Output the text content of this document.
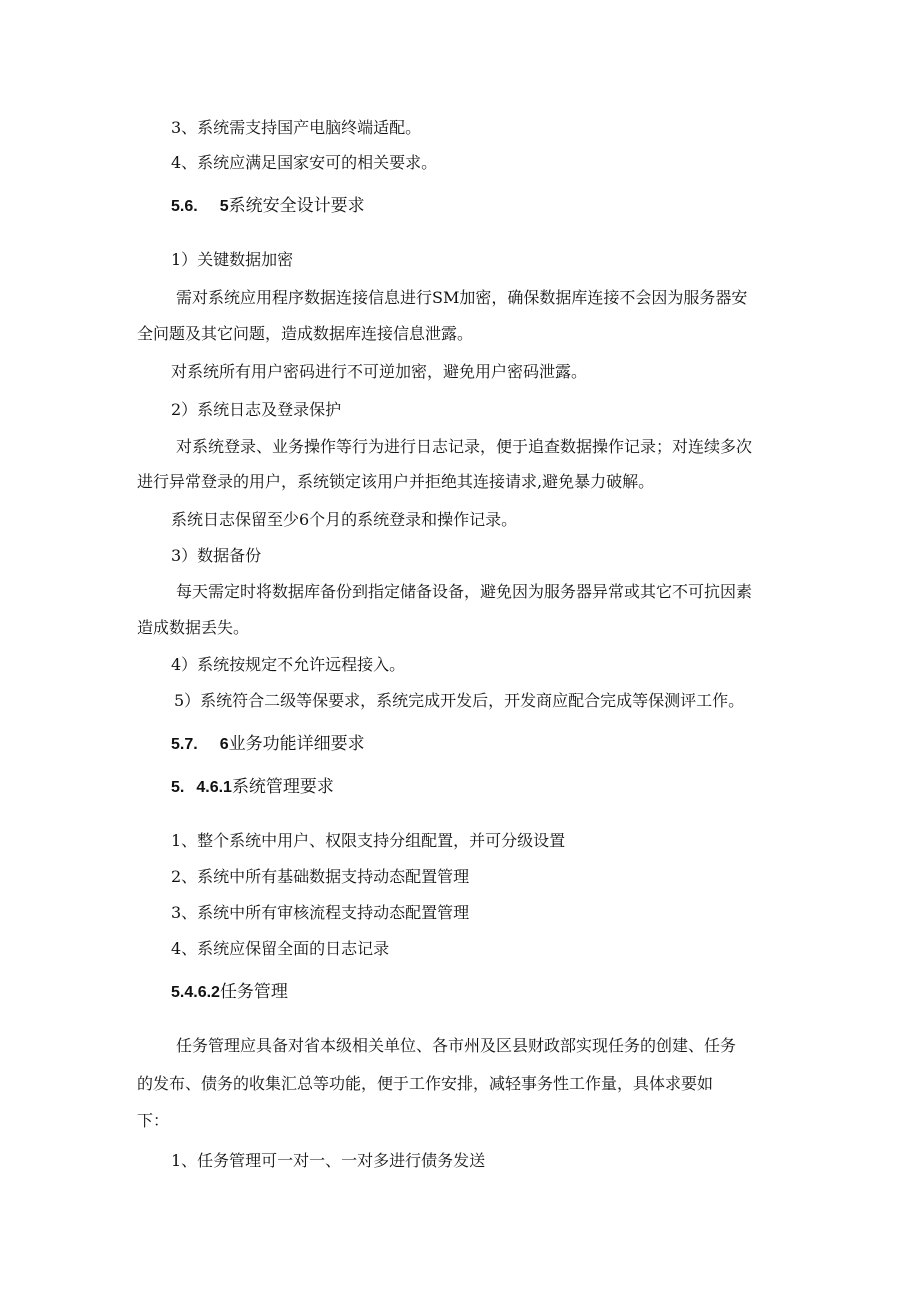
3、系统需支持国产电脑终端适配。
4、系统应满足国家安可的相关要求。
5.6. 5系统安全设计要求
1）关键数据加密
需对系统应用程序数据连接信息进行SM加密，确保数据库连接不会因为服务器安
全问题及其它问题，造成数据库连接信息泄露。
对系统所有用户密码进行不可逆加密，避免用户密码泄露。
2）系统日志及登录保护
对系统登录、业务操作等行为进行日志记录，便于追查数据操作记录；对连续多次
进行异常登录的用户，系统锁定该用户并拒绝其连接请求,避免暴力破解。
系统日志保留至少6个月的系统登录和操作记录。
3）数据备份
每天需定时将数据库备份到指定储备设备，避免因为服务器异常或其它不可抗因素
造成数据丢失。
4）系统按规定不允许远程接入。
5）系统符合二级等保要求，系统完成开发后，开发商应配合完成等保测评工作。
5.7. 6业务功能详细要求
5. 4.6.1系统管理要求
1、整个系统中用户、权限支持分组配置，并可分级设置
2、系统中所有基础数据支持动态配置管理
3、系统中所有审核流程支持动态配置管理
4、系统应保留全面的日志记录
5.4.6.2任务管理
任务管理应具备对省本级相关单位、各市州及区县财政部实现任务的创建、任务
的发布、债务的收集汇总等功能，便于工作安排，减轻事务性工作量，具体求要如
下：
1、任务管理可一对一、一对多进行债务发送
